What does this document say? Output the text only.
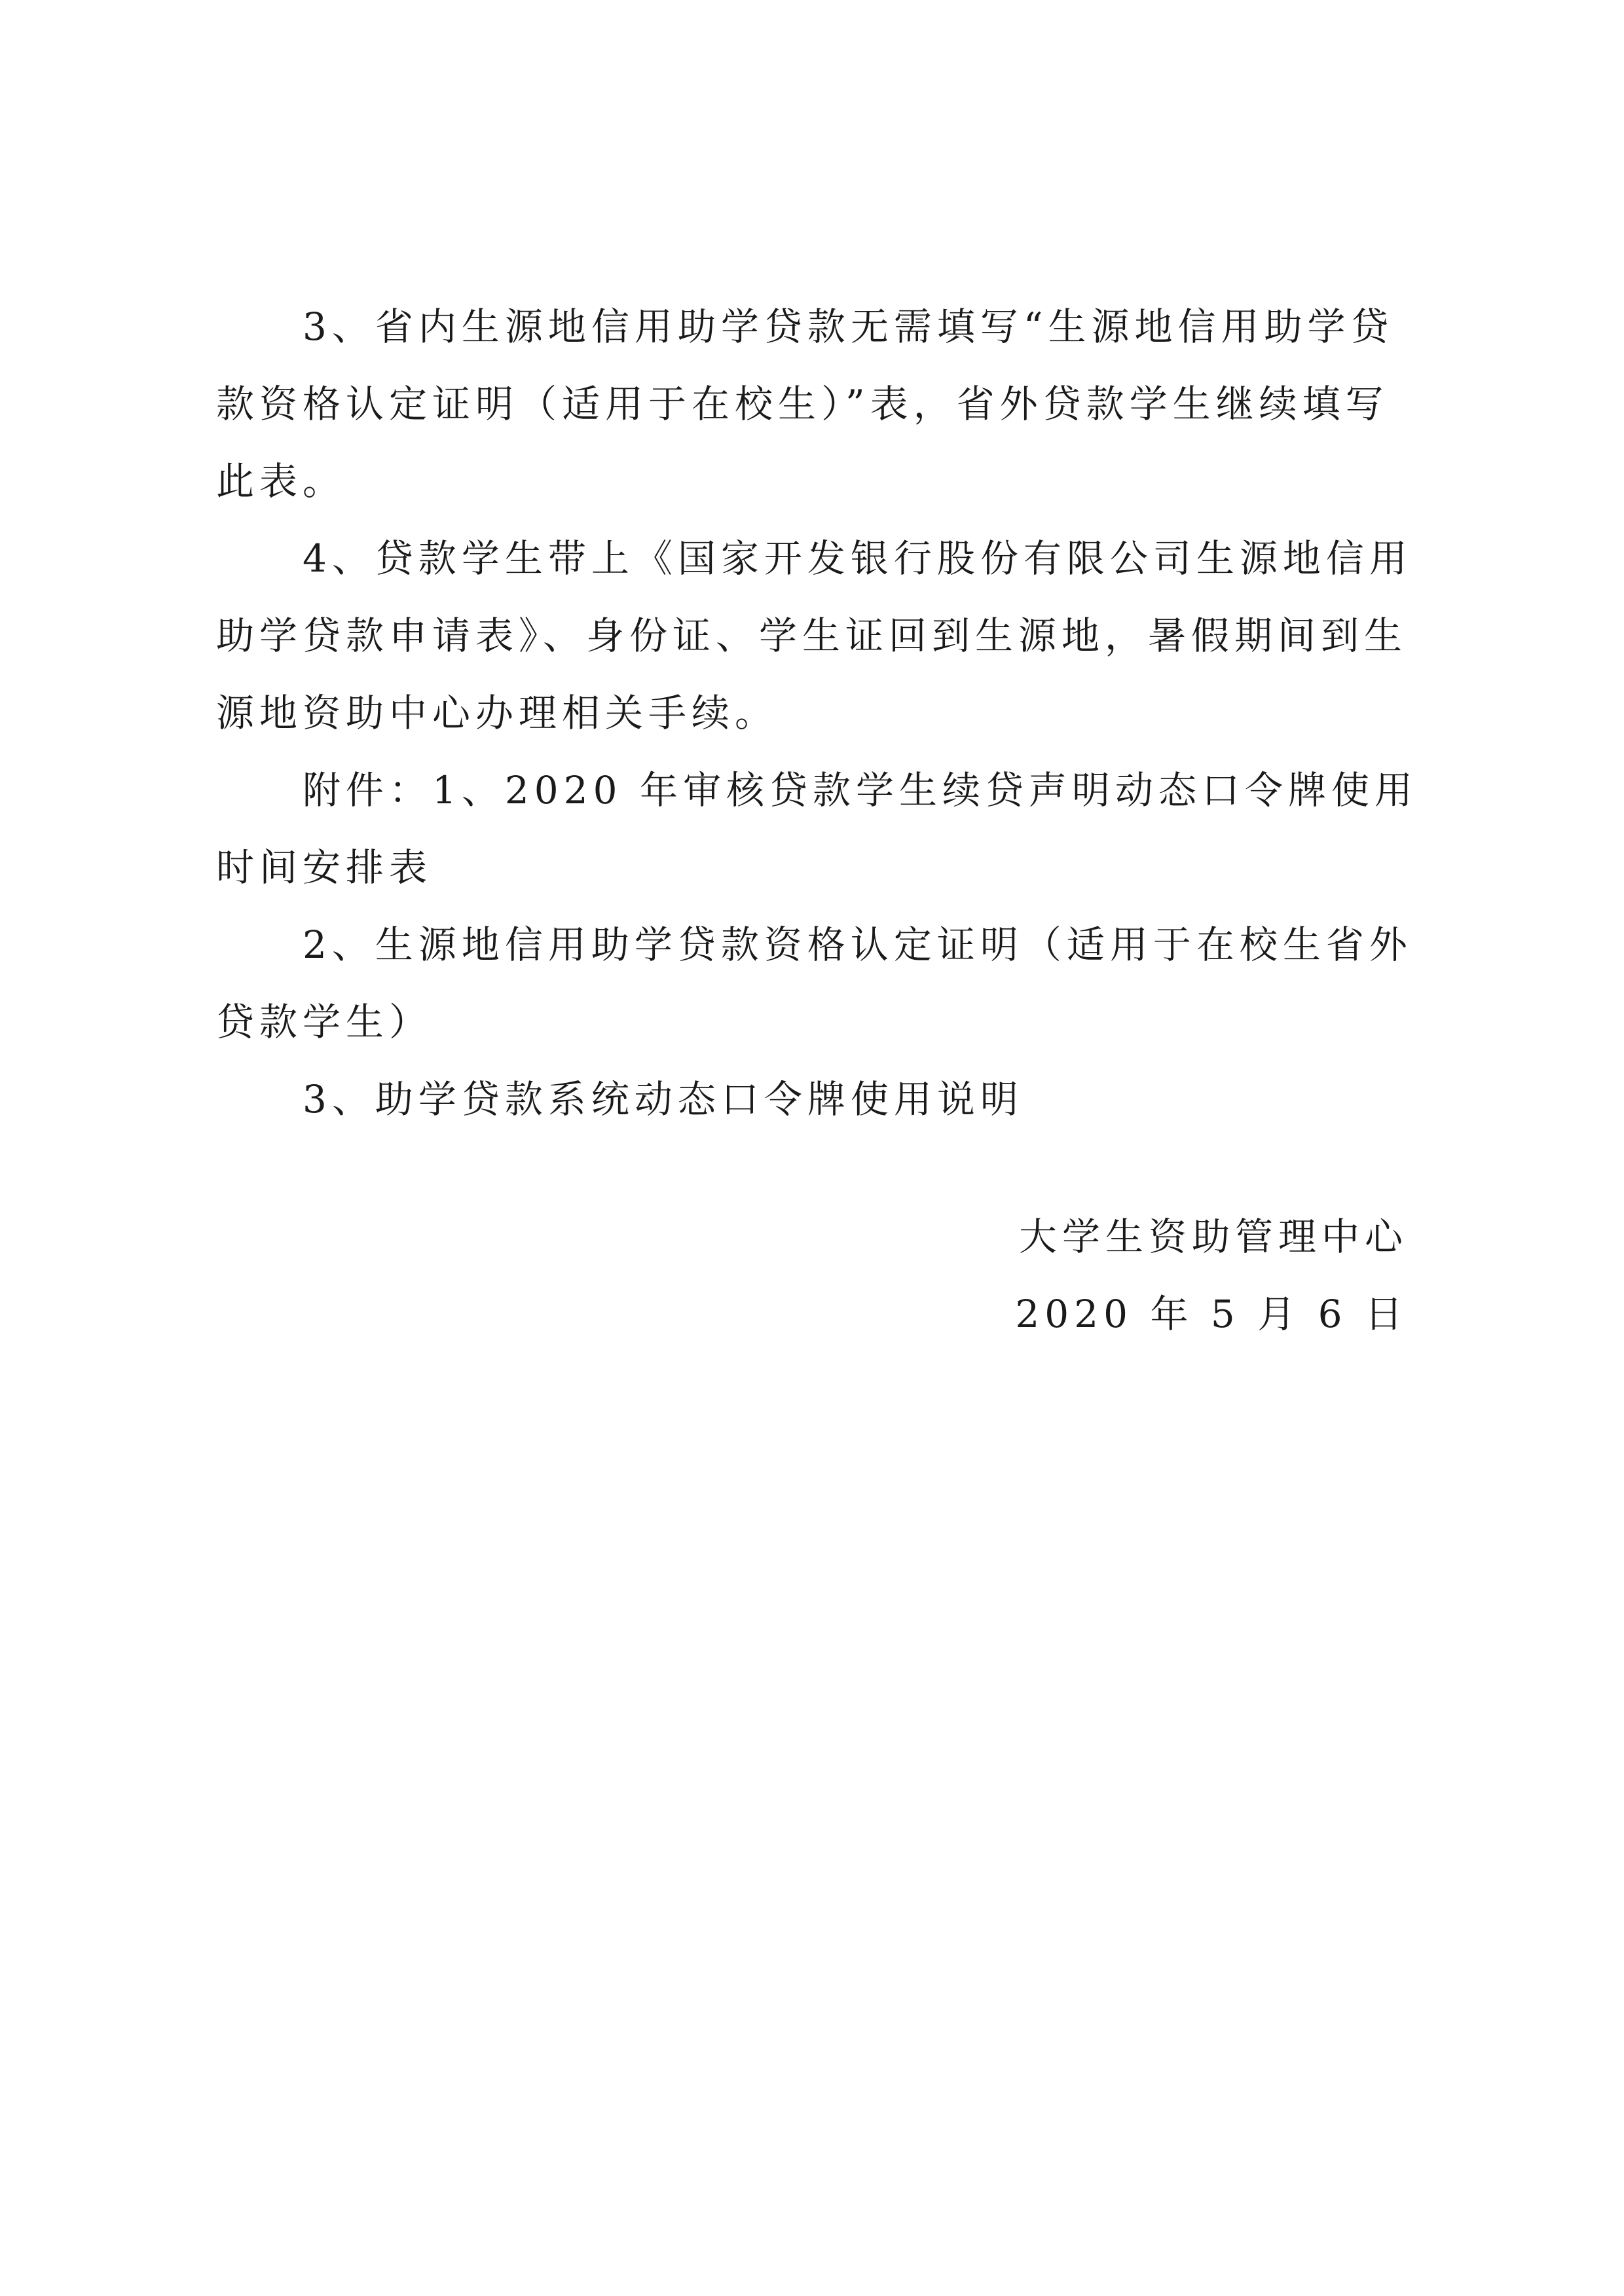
3、省内生源地信用助学贷款无需填写“生源地信用助学贷款资格认定证明（适用于在校生）”表，省外贷款学生继续填写此表。

4、贷款学生带上《国家开发银行股份有限公司生源地信用助学贷款申请表》、身份证、学生证回到生源地，暑假期间到生源地资助中心办理相关手续。

附件：1、2020 年审核贷款学生续贷声明动态口令牌使用时间安排表

2、生源地信用助学贷款资格认定证明（适用于在校生省外贷款学生）

3、助学贷款系统动态口令牌使用说明

大学生资助管理中心

2020 年 5 月 6 日
